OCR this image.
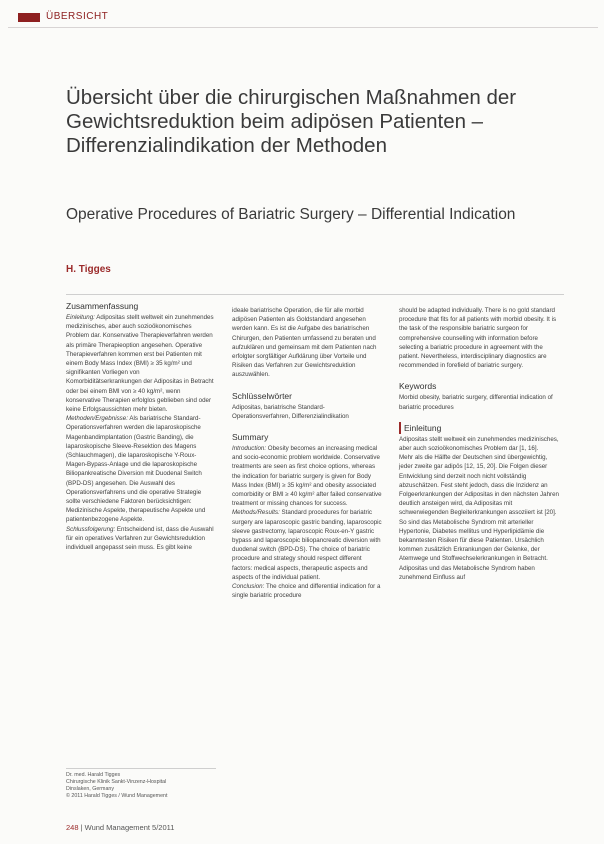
ÜBERSICHT
Übersicht über die chirurgischen Maßnahmen der Gewichtsreduktion beim adipösen Patienten – Differenzialindikation der Methoden
Operative Procedures of Bariatric Surgery – Differential Indication
H. Tigges
Zusammenfassung

Einleitung: Adipositas stellt weltweit ein zunehmendes medizinisches, aber auch sozioökonomisches Problem dar. Konservative Therapieverfahren werden als primäre Therapieoption angesehen. Operative Therapieverfahren kommen erst bei Patienten mit einem Body Mass Index (BMI) ≥ 35 kg/m² und signifikanten Vorliegen von Komorbiditätserkrankungen der Adipositas in Betracht oder bei einem BMI von ≥ 40 kg/m², wenn konservative Therapien erfolglos geblieben sind oder keine Erfolgsaussichten mehr bieten.

Methoden/Ergebnisse: Als bariatrische Standard-Operationsverfahren werden die laparoskopische Magenbandimplantation (Gastric Banding), die laparoskopische Sleeve-Resektion des Magens (Schlauchmagen), die laparoskopische Y-Roux-Magen-Bypass-Anlage und die laparoskopische Biliopankreatische Diversion mit Duodenal Switch (BPD-DS) angesehen. Die Auswahl des Operationsverfahrens und die operative Strategie sollte verschiedene Faktoren berücksichtigen: Medizinische Aspekte, therapeutische Aspekte und patientenbezogene Aspekte.

Schlussfolgerung: Entscheidend ist, dass die Auswahl für ein operatives Verfahren zur Gewichtsreduktion individuell angepasst sein muss. Es gibt keine

ideale bariatrische Operation, die für alle morbid adipösen Patienten als Goldstandard angesehen werden kann. Es ist die Aufgabe des bariatrischen Chirurgen, den Patienten umfassend zu beraten und aufzuklären und gemeinsam mit dem Patienten nach erfolgter sorgfältiger Aufklärung über Vorteile und Risiken das Verfahren zur Gewichtsreduktion auszuwählen.

Schlüsselwörter

Adipositas, bariatrische Standard-Operationsverfahren, Differenzialindikation

Summary

Introduction: Obesity becomes an increasing medical and socio-economic problem worldwide. Conservative treatments are seen as first choice options, whereas the indication for bariatric surgery is given for Body Mass Index (BMI) ≥ 35 kg/m² and obesity associated comorbidity or BMI ≥ 40 kg/m² after failed conservative treatment or missing chances for success.

Methods/Results: Standard procedures for bariatric surgery are laparoscopic gastric banding, laparoscopic sleeve gastrectomy, laparoscopic Roux-en-Y gastric bypass and laparoscopic biliopancreatic diversion with duodenal switch (BPD-DS). The choice of bariatric procedure and strategy should respect different factors: medical aspects, therapeutic aspects and aspects of the individual patient.

Conclusion: The choice and differential indication for a single bariatric procedure

should be adapted individually. There is no gold standard procedure that fits for all patients with morbid obesity. It is the task of the responsible bariatric surgeon for comprehensive counselling with information before selecting a bariatric procedure in agreement with the patient. Nevertheless, interdisciplinary diagnostics are recommended in forefield of bariatric surgery.

Keywords

Morbid obesity, bariatric surgery, differential indication of bariatric procedures

Einleitung

Adipositas stellt weltweit ein zunehmendes medizinisches, aber auch sozioökonomisches Problem dar [1, 16].

Mehr als die Hälfte der Deutschen sind übergewichtig, jeder zweite gar adipös [12, 15, 20]. Die Folgen dieser Entwicklung sind derzeit noch nicht vollständig abzuschätzen. Fest steht jedoch, dass die Inzidenz an Folgeerkrankungen der Adipositas in den nächsten Jahren deutlich ansteigen wird, da Adipositas mit schwerwiegenden Begleiterkrankungen assoziiert ist [20].

So sind das Metabolische Syndrom mit arterieller Hypertonie, Diabetes mellitus und Hyperlipidämie die bekanntesten Risiken für diese Patienten. Ursächlich kommen zusätzlich Erkrankungen der Gelenke, der Atemwege und Stoffwechselerkrankungen in Betracht. Adipositas und das Metabolische Syndrom haben zunehmend Einfluss auf

Dr. med. Harald Tigges
Chirurgische Klinik Sankt-Vinzenz-Hospital
Dinslaken, Germany
© 2011 Harald Tigges / Wund Management
248 | Wund Management 5/2011
